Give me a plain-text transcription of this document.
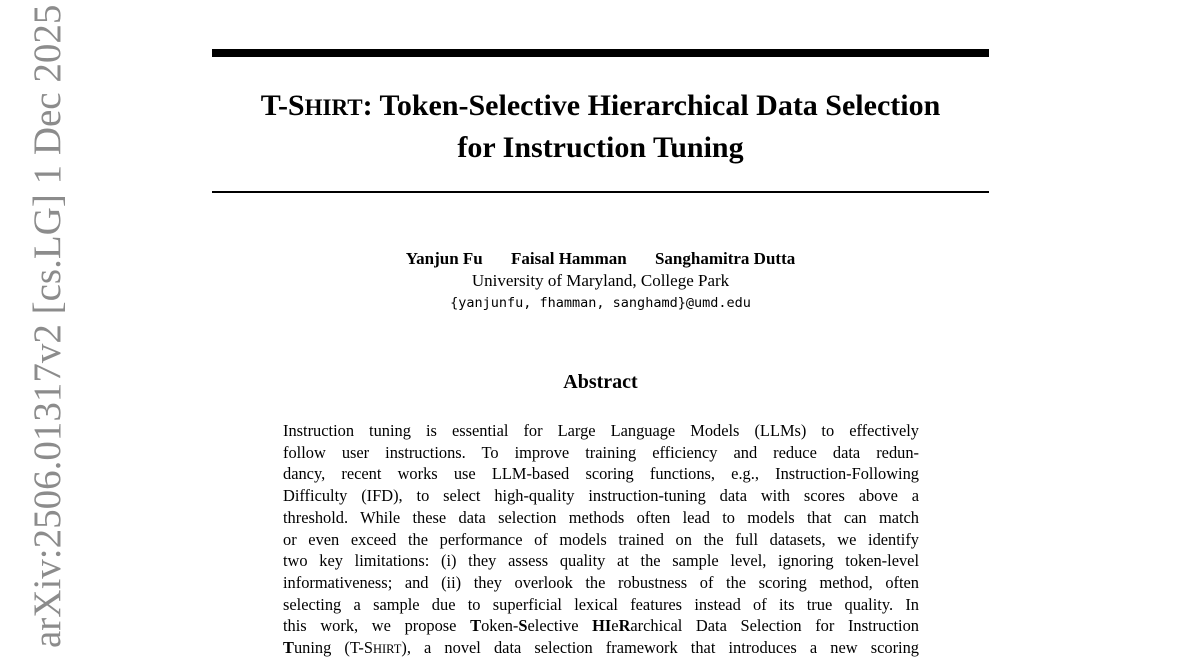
T-SHIRT: Token-Selective Hierarchical Data Selection
for Instruction Tuning
Yanjun Fu Faisal Hamman Sanghamitra Dutta
University of Maryland, College Park
{yanjunfu, fhamman, sanghamd}@umd.edu
Abstract
Instruction tuning is essential for Large Language Models (LLMs) to effectively
follow user instructions. To improve training efficiency and reduce data redun-
dancy, recent works use LLM-based scoring functions, e.g., Instruction-Following
Difficulty (IFD), to select high-quality instruction-tuning data with scores above a
threshold. While these data selection methods often lead to models that can match
or even exceed the performance of models trained on the full datasets, we identify
two key limitations: (i) they assess quality at the sample level, ignoring token-level
informativeness; and (ii) they overlook the robustness of the scoring method, often
selecting a sample due to superficial lexical features instead of its true quality. In
this work, we propose Token-Selective HIeRarchical Data Selection for Instruction
Tuning (T-SHIRT), a novel data selection framework that introduces a new scoring
arXiv:2506.01317v2 [cs.LG] 1 Dec 2025
